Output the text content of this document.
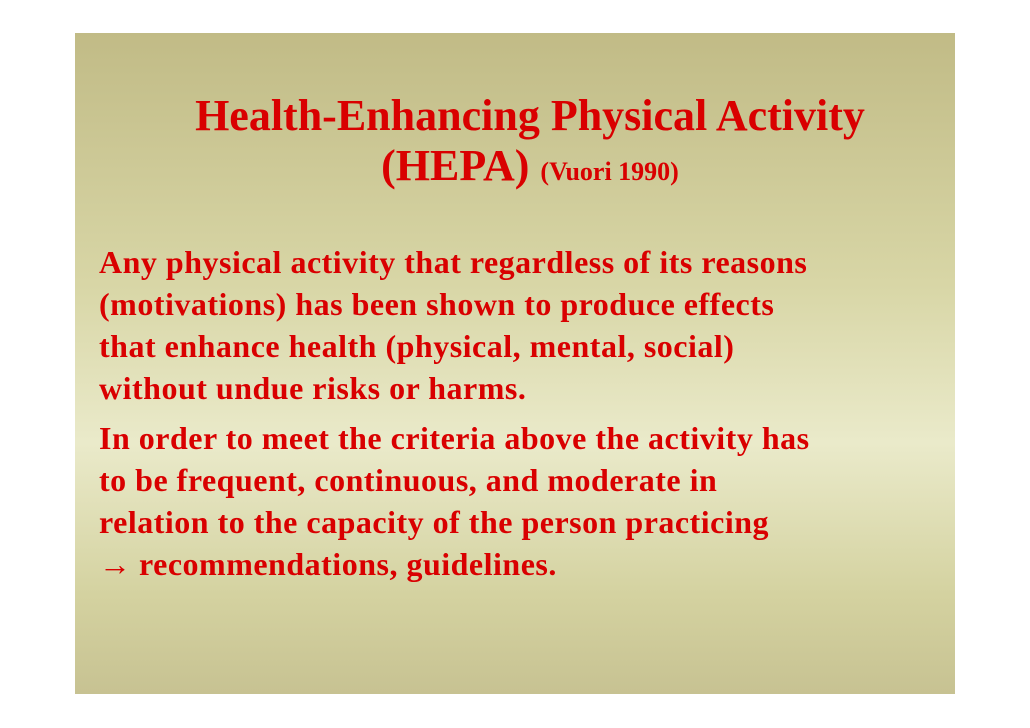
Health-Enhancing Physical Activity
(HEPA) (Vuori 1990)
Any physical activity that regardless of its reasons
(motivations) has been shown to produce effects
that enhance health (physical, mental, social)
without undue risks or harms.
In order to meet the criteria above the activity has
to be frequent, continuous, and moderate in
relation to the capacity of the person practicing
→ recommendations, guidelines.
